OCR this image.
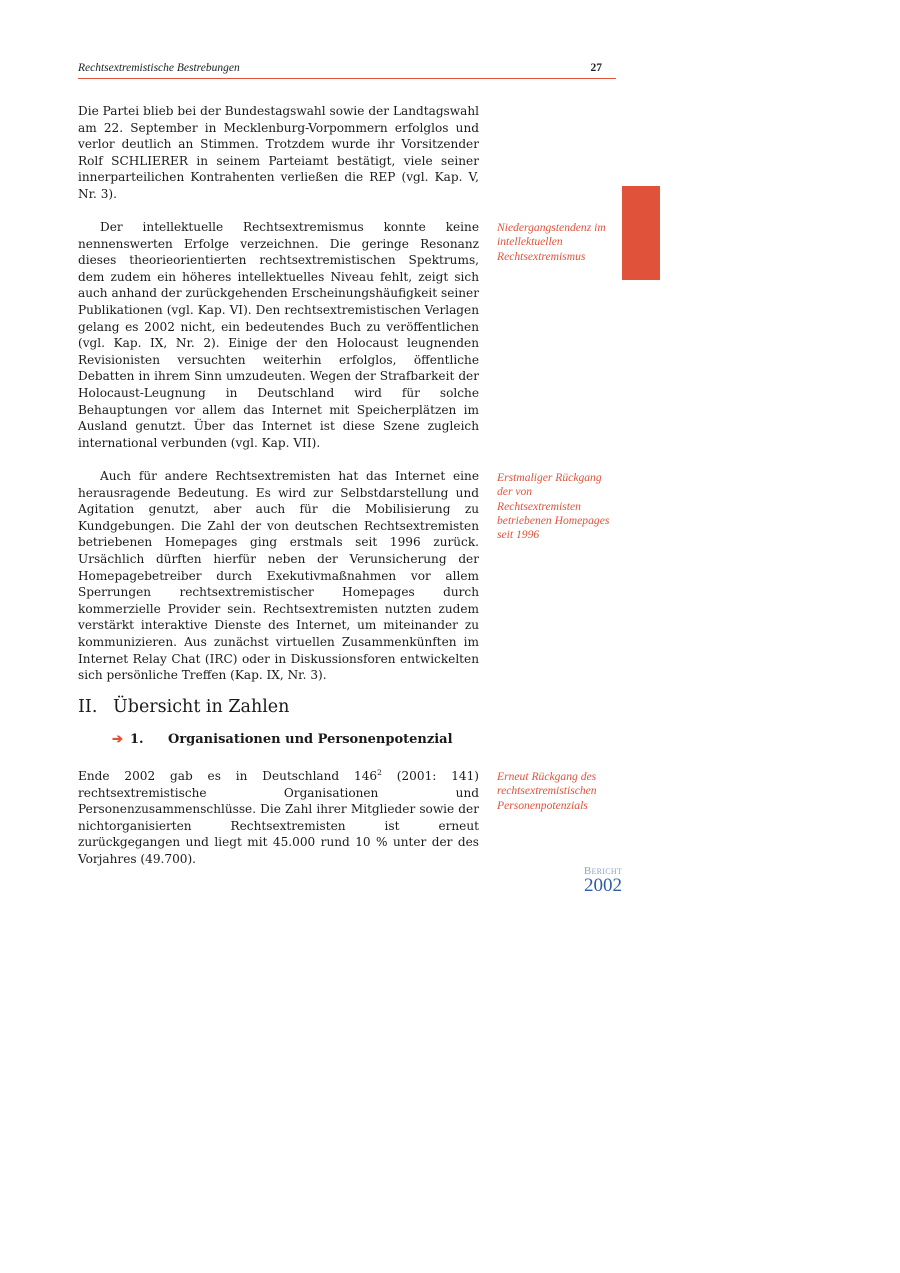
Rechtsextremistische Bestrebungen	27

Die Partei blieb bei der Bundestagswahl sowie der Landtagswahl am 22. September in Mecklenburg-Vorpommern erfolglos und verlor deutlich an Stimmen. Trotzdem wurde ihr Vorsitzender Rolf SCHLIERER in seinem Parteiamt bestätigt, viele seiner innerparteilichen Kontrahenten verließen die REP (vgl. Kap. V, Nr. 3).

Der intellektuelle Rechtsextremismus konnte keine nennenswerten Erfolge verzeichnen. Die geringe Resonanz dieses theorieorientierten rechtsextremistischen Spektrums, dem zudem ein höheres intellektuelles Niveau fehlt, zeigt sich auch anhand der zurückgehenden Erscheinungshäufigkeit seiner Publikationen (vgl. Kap. VI). Den rechtsextremistischen Verlagen gelang es 2002 nicht, ein bedeutendes Buch zu veröffentlichen (vgl. Kap. IX, Nr. 2). Einige der den Holocaust leugnenden Revisionisten versuchten weiterhin erfolglos, öffentliche Debatten in ihrem Sinn umzudeuten. Wegen der Strafbarkeit der Holocaust-Leugnung in Deutschland wird für solche Behauptungen vor allem das Internet mit Speicherplätzen im Ausland genutzt. Über das Internet ist diese Szene zugleich international verbunden (vgl. Kap. VII).

Niedergangstendenz im intellektuellen Rechtsextremismus

Auch für andere Rechtsextremisten hat das Internet eine herausragende Bedeutung. Es wird zur Selbstdarstellung und Agitation genutzt, aber auch für die Mobilisierung zu Kundgebungen. Die Zahl der von deutschen Rechtsextremisten betriebenen Homepages ging erstmals seit 1996 zurück. Ursächlich dürften hierfür neben der Verunsicherung der Homepagebetreiber durch Exekutivmaßnahmen vor allem Sperrungen rechtsextremistischer Homepages durch kommerzielle Provider sein. Rechtsextremisten nutzten zudem verstärkt interaktive Dienste des Internet, um miteinander zu kommunizieren. Aus zunächst virtuellen Zusammenkünften im Internet Relay Chat (IRC) oder in Diskussionsforen entwickelten sich persönliche Treffen (Kap. IX, Nr. 3).

Erstmaliger Rückgang der von Rechtsextremisten betriebenen Homepages seit 1996

II. Übersicht in Zahlen
➔ 1. Organisationen und Personenpotenzial

Ende 2002 gab es in Deutschland 146$^2$ (2001: 141) rechtsextremistische Organisationen und Personenzusammenschlüsse. Die Zahl ihrer Mitglieder sowie der nichtorganisierten Rechtsextremisten ist erneut zurückgegangen und liegt mit 45.000 rund 10 % unter der des Vorjahres (49.700).

Erneut Rückgang des rechtsextremistischen Personenpotenzials

Bericht
2002
